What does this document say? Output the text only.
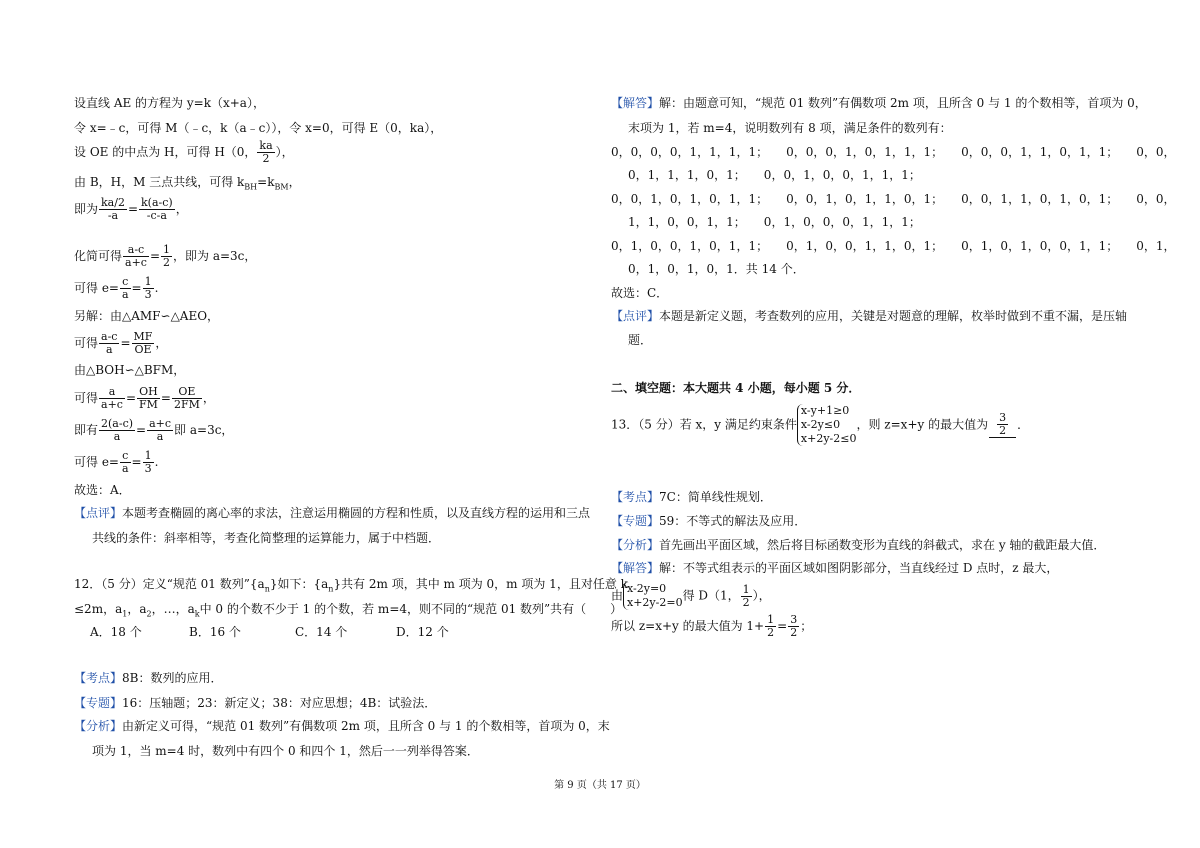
设直线 AE 的方程为 y=k（x+a），
令 x=﹣c，可得 M（﹣c，k（a﹣c）），令 x=0，可得 E（0，ka），
设 OE 的中点为 H，可得 H（0， $\frac{ka}{2}$ ），
由 B，H，M 三点共线，可得 $k_{BH}=k_{BM}$，
即为 $\frac{ka/2}{-a} = \frac{k(a-c)}{-c-a}$ ，
化简可得 $\frac{a-c}{a+c} = \frac{1}{2}$ ，即为 a=3c，
可得 $e= \frac{c}{a} = \frac{1}{3}$ .
另解：由△AMF∽△AEO，
可得 $\frac{a-c}{a} = \frac{MF}{OE}$ ，
由△BOH∽△BFM，
可得 $\frac{a}{a+c} = \frac{OH}{FM} = \frac{OE}{2FM}$ ，
即有 $\frac{2(a-c)}{a} = \frac{a+c}{a}$ 即 a=3c，
可得 $e= \frac{c}{a} = \frac{1}{3}$ .
故选：A．
【点评】本题考查椭圆的离心率的求法，注意运用椭圆的方程和性质，以及直线方程的运用和三点
共线的条件：斜率相等，考查化简整理的运算能力，属于中档题．
12．（5 分）定义“规范 01 数列$”\{a_n\}$如下：$\{a_n\}$共有 2m 项，其中 m 项为 0，m 项为 1，且对任意 k
≤2m，$a_1$，$a_2$，…，$a_k$中 0 的个数不少于 1 的个数，若 m=4，则不同的“规范 01 数列”共有（　　）
A．18 个	B．16 个	C．14 个	D．12 个
【考点】8B：数列的应用．
【专题】16：压轴题；23：新定义；38：对应思想；4B：试验法．
【分析】由新定义可得，“规范 01 数列”有偶数项 2m 项，且所含 0 与 1 的个数相等，首项为 0，末
项为 1，当 m=4 时，数列中有四个 0 和四个 1，然后一一列举得答案．
【解答】解：由题意可知，“规范 01 数列”有偶数项 2m 项，且所含 0 与 1 的个数相等，首项为 0，
末项为 1，若 m=4，说明数列有 8 项，满足条件的数列有：
0，0，0，0，1，1，1，1；　　0，0，0，1，0，1，1，1；　　0，0，0，1，1，0，1，1；　　0，0，
0，1，1，1，0，1；　　0，0，1，0，0，1，1，1；
0，0，1，0，1，0，1，1；　　0，0，1，0，1，1，0，1；　　0，0，1，1，0，1，0，1；　　0，0，
1，1，0，0，1，1；　　0，1，0，0，0，1，1，1；
0，1，0，0，1，0，1，1；　　0，1，0，0，1，1，0，1；　　0，1，0，1，0，0，1，1；　　0，1，
0，1，0，1，0，1．共 14 个．
故选：C．
【点评】本题是新定义题，考查数列的应用，关键是对题意的理解，枚举时做到不重不漏，是压轴
题．
二、填空题：本大题共 4 小题，每小题 5 分．
13．（5 分）若 x，y 满足约束条件
x-y+1≥0
x-2y≤0
x+2y-2≤0
，则 z=x+y 的最大值为 $\frac{3}{2}$ ．
【考点】7C：简单线性规划．
【专题】59：不等式的解法及应用．
【分析】首先画出平面区域，然后将目标函数变形为直线的斜截式，求在 y 轴的截距最大值．
【解答】解：不等式组表示的平面区域如图阴影部分，当直线经过 D 点时，z 最大，
由 x-2y=0
x+2y-2=0 得 D（1， $\frac{1}{2}$ ），
所以 z=x+y 的最大值为 $1+ \frac{1}{2} = \frac{3}{2}$ ；
第 9 页（共 17 页）
